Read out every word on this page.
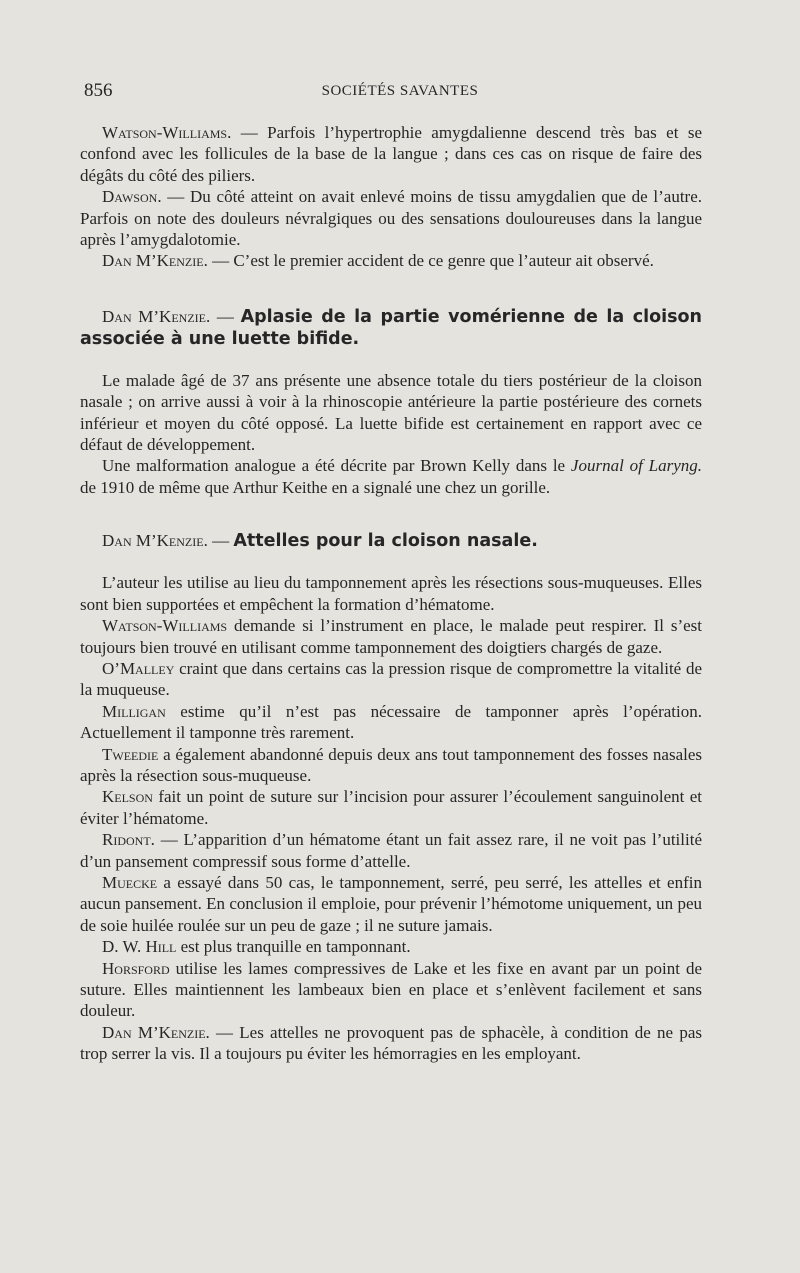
856	SOCIÉTÉS SAVANTES

Watson-Williams. — Parfois l’hypertrophie amygdalienne descend très bas et se confond avec les follicules de la base de la langue ; dans ces cas on risque de faire des dégâts du côté des piliers.

Dawson. — Du côté atteint on avait enlevé moins de tissu amygdalien que de l’autre. Parfois on note des douleurs névralgiques ou des sensations douloureuses dans la langue après l’amygdalotomie.

Dan M’Kenzie. — C’est le premier accident de ce genre que l’auteur ait observé.

Dan M’Kenzie. — Aplasie de la partie vomérienne de la cloison associée à une luette bifide.

Le malade âgé de 37 ans présente une absence totale du tiers postérieur de la cloison nasale ; on arrive aussi à voir à la rhinoscopie antérieure la partie postérieure des cornets inférieur et moyen du côté opposé. La luette bifide est certainement en rapport avec ce défaut de développement.

Une malformation analogue a été décrite par Brown Kelly dans le Journal of Laryng. de 1910 de même que Arthur Keithe en a signalé une chez un gorille.

Dan M’Kenzie. — Attelles pour la cloison nasale.

L’auteur les utilise au lieu du tamponnement après les résections sous-muqueuses. Elles sont bien supportées et empêchent la formation d’hématome.

Watson-Williams demande si l’instrument en place, le malade peut respirer. Il s’est toujours bien trouvé en utilisant comme tamponnement des doigtiers chargés de gaze.

O’Malley craint que dans certains cas la pression risque de compromettre la vitalité de la muqueuse.

Milligan estime qu’il n’est pas nécessaire de tamponner après l’opération. Actuellement il tamponne très rarement.

Tweedie a également abandonné depuis deux ans tout tamponnement des fosses nasales après la résection sous-muqueuse.

Kelson fait un point de suture sur l’incision pour assurer l’écoulement sanguinolent et éviter l’hématome.

Ridont. — L’apparition d’un hématome étant un fait assez rare, il ne voit pas l’utilité d’un pansement compressif sous forme d’attelle.

Muecke a essayé dans 50 cas, le tamponnement, serré, peu serré, les attelles et enfin aucun pansement. En conclusion il emploie, pour prévenir l’hémotome uniquement, un peu de soie huilée roulée sur un peu de gaze ; il ne suture jamais.

D. W. Hill est plus tranquille en tamponnant.

Horsford utilise les lames compressives de Lake et les fixe en avant par un point de suture. Elles maintiennent les lambeaux bien en place et s’enlèvent facilement et sans douleur.

Dan M’Kenzie. — Les attelles ne provoquent pas de sphacèle, à condition de ne pas trop serrer la vis. Il a toujours pu éviter les hémorragies en les employant.
